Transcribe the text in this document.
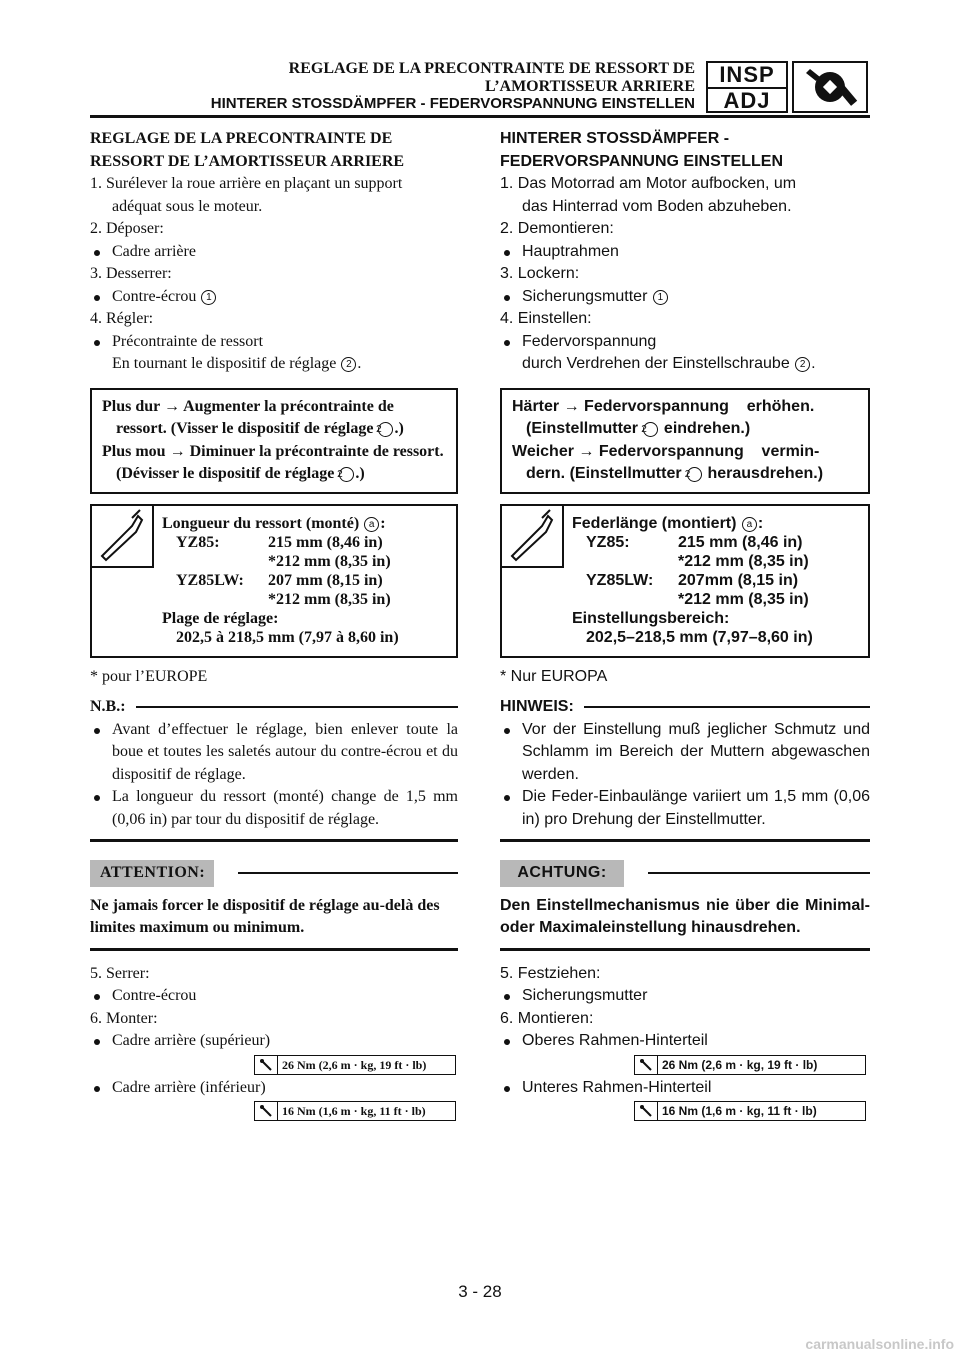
REGLAGE DE LA PRECONTRAINTE DE RESSORT DE
L’AMORTISSEUR ARRIERE
HINTERER STOSSDÄMPFER - FEDERVORSPANNUNG EINSTELLEN
INSP
ADJ
REGLAGE DE LA PRECONTRAINTE DE
RESSORT DE L’AMORTISSEUR ARRIERE
1. Surélever la roue arrière en plaçant un support
adéquat sous le moteur.
2. Déposer:
Cadre arrière
3. Desserrer:
Contre-écrou 1
4. Régler:
Précontrainte de ressort
En tournant le dispositif de réglage 2 .

Plus dur → Augmenter la précontrainte de ressort. (Visser le dispositif de réglage 2 .)

Plus mou → Diminuer la précontrainte de ressort. (Dévisser le dispositif de réglage 2 .)

Longueur du ressort (monté) a :
YZ85:	215 mm (8,46 in)
*212 mm (8,35 in)
YZ85LW:	207 mm (8,15 in)
*212 mm (8,35 in)
Plage de réglage:
202,5 à 218,5 mm (7,97 à 8,60 in)
* pour l’EUROPE
N.B.:
Avant d’effectuer le réglage, bien enlever toute la boue et toutes les saletés autour du contre-écrou et du dispositif de réglage.
La longueur du ressort (monté) change de 1,5 mm (0,06 in) par tour du dispositif de réglage.
ATTENTION:
Ne jamais forcer le dispositif de réglage au-delà des limites maximum ou minimum.
5. Serrer:
Contre-écrou
6. Monter:
Cadre arrière (supérieur)
26 Nm (2,6 m · kg, 19 ft · lb)
Cadre arrière (inférieur)
16 Nm (1,6 m · kg, 11 ft · lb)
HINTERER STOSSDÄMPFER -
FEDERVORSPANNUNG EINSTELLEN
1. Das Motorrad am Motor aufbocken, um
das Hinterrad vom Boden abzuheben.
2. Demontieren:
Hauptrahmen
3. Lockern:
Sicherungsmutter 1
4. Einstellen:
Federvorspannung
durch Verdrehen der Einstellschraube 2 .

Härter → Federvorspannung    erhöhen. (Einstellmutter 2 eindrehen.)

Weicher → Federvorspannung    vermin- dern. (Einstellmutter 2 herausdrehen.)

Federlänge (montiert) a :
YZ85:	215 mm (8,46 in)
*212 mm (8,35 in)
YZ85LW:	207mm (8,15 in)
*212 mm (8,35 in)
Einstellungsbereich:
202,5–218,5 mm (7,97–8,60 in)
* Nur EUROPA
HINWEIS:
Vor der Einstellung muß jeglicher Schmutz und Schlamm im Bereich der Muttern abgewaschen werden.
Die Feder-Einbaulänge variiert um 1,5 mm (0,06 in) pro Drehung der Einstellmutter.
ACHTUNG:
Den Einstellmechanismus nie über die Minimal- oder Maximaleinstellung hinausdrehen.
5. Festziehen:
Sicherungsmutter
6. Montieren:
Oberes Rahmen-Hinterteil
26 Nm (2,6 m · kg, 19 ft · lb)
Unteres Rahmen-Hinterteil
16 Nm (1,6 m · kg, 11 ft · lb)
3 - 28
carmanualsonline.info
